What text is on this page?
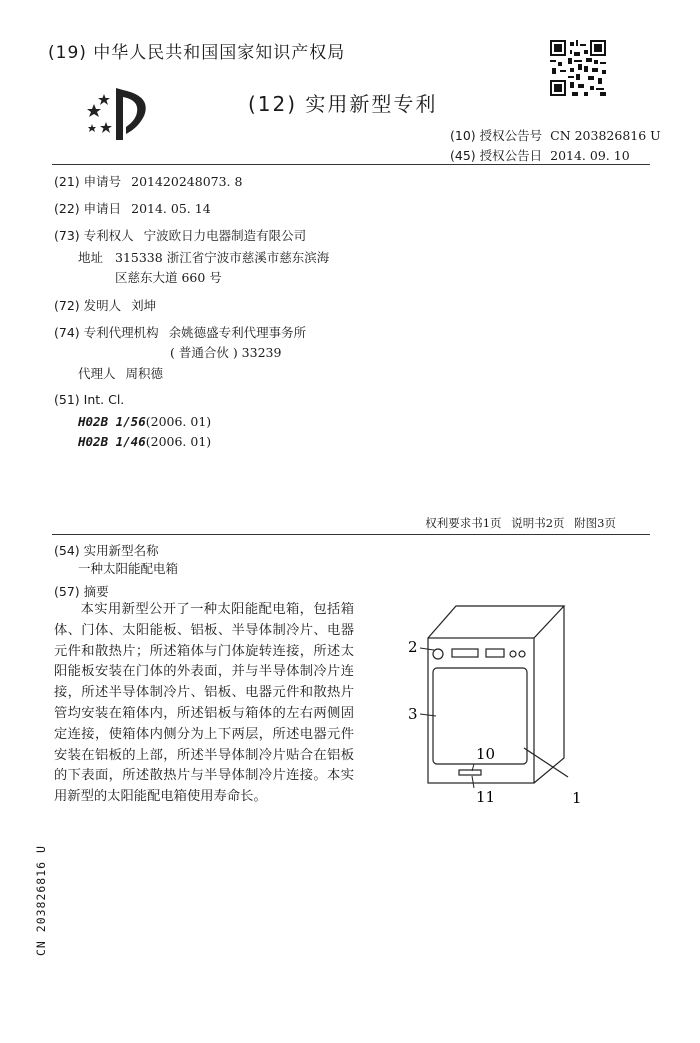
(19) 中华人民共和国国家知识产权局
(12) 实用新型专利
(10) 授权公告号 CN 203826816 U
(45) 授权公告日 2014. 09. 10
(21) 申请号 201420248073. 8
(22) 申请日 2014. 05. 14
(73) 专利权人 宁波欧日力电器制造有限公司
地址 315338 浙江省宁波市慈溪市慈东滨海
区慈东大道 660 号
(72) 发明人 刘坤
(74) 专利代理机构 余姚德盛专利代理事务所
( 普通合伙 ) 33239
代理人 周积德
(51) Int. Cl.
H02B 1/56(2006. 01)
H02B 1/46(2006. 01)
权利要求书1页 说明书2页 附图3页
(54) 实用新型名称
一种太阳能配电箱
(57) 摘要
本实用新型公开了一种太阳能配电箱，包括箱体、门体、太阳能板、铝板、半导体制冷片、电器元件和散热片；所述箱体与门体旋转连接，所述太阳能板安装在门体的外表面，并与半导体制冷片连接，所述半导体制冷片、铝板、电器元件和散热片管均安装在箱体内，所述铝板与箱体的左右两侧固定连接，使箱体内侧分为上下两层，所述电器元件安装在铝板的上部，所述半导体制冷片贴合在铝板的下表面，所述散热片与半导体制冷片连接。本实用新型的太阳能配电箱使用寿命长。
2
3
10
11	1
CN 203826816 U
